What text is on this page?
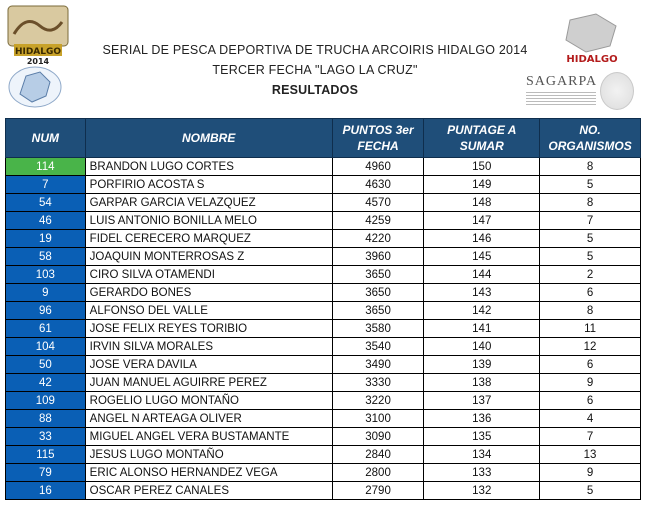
HIDALGO
2014	HIDALGO
SAGARPA
SERIAL DE PESCA DEPORTIVA DE TRUCHA ARCOIRIS HIDALGO 2014
TERCER FECHA "LAGO LA CRUZ"
RESULTADOS
NUM	NOMBRE	PUNTOS 3er FECHA	PUNTAGE A SUMAR	NO. ORGANISMOS
114	BRANDON LUGO CORTES	4960	150	8
7	PORFIRIO ACOSTA S	4630	149	5
54	GARPAR GARCIA VELAZQUEZ	4570	148	8
46	LUIS ANTONIO BONILLA MELO	4259	147	7
19	FIDEL CERECERO MARQUEZ	4220	146	5
58	JOAQUIN MONTERROSAS Z	3960	145	5
103	CIRO SILVA OTAMENDI	3650	144	2
9	GERARDO BONES	3650	143	6
96	ALFONSO DEL VALLE	3650	142	8
61	JOSE FELIX REYES TORIBIO	3580	141	11
104	IRVIN SILVA MORALES	3540	140	12
50	JOSE VERA DAVILA	3490	139	6
42	JUAN MANUEL AGUIRRE PEREZ	3330	138	9
109	ROGELIO LUGO MONTAÑO	3220	137	6
88	ANGEL N ARTEAGA OLIVER	3100	136	4
33	MIGUEL ANGEL VERA BUSTAMANTE	3090	135	7
115	JESUS LUGO MONTAÑO	2840	134	13
79	ERIC ALONSO HERNANDEZ VEGA	2800	133	9
16	OSCAR PEREZ CANALES	2790	132	5
